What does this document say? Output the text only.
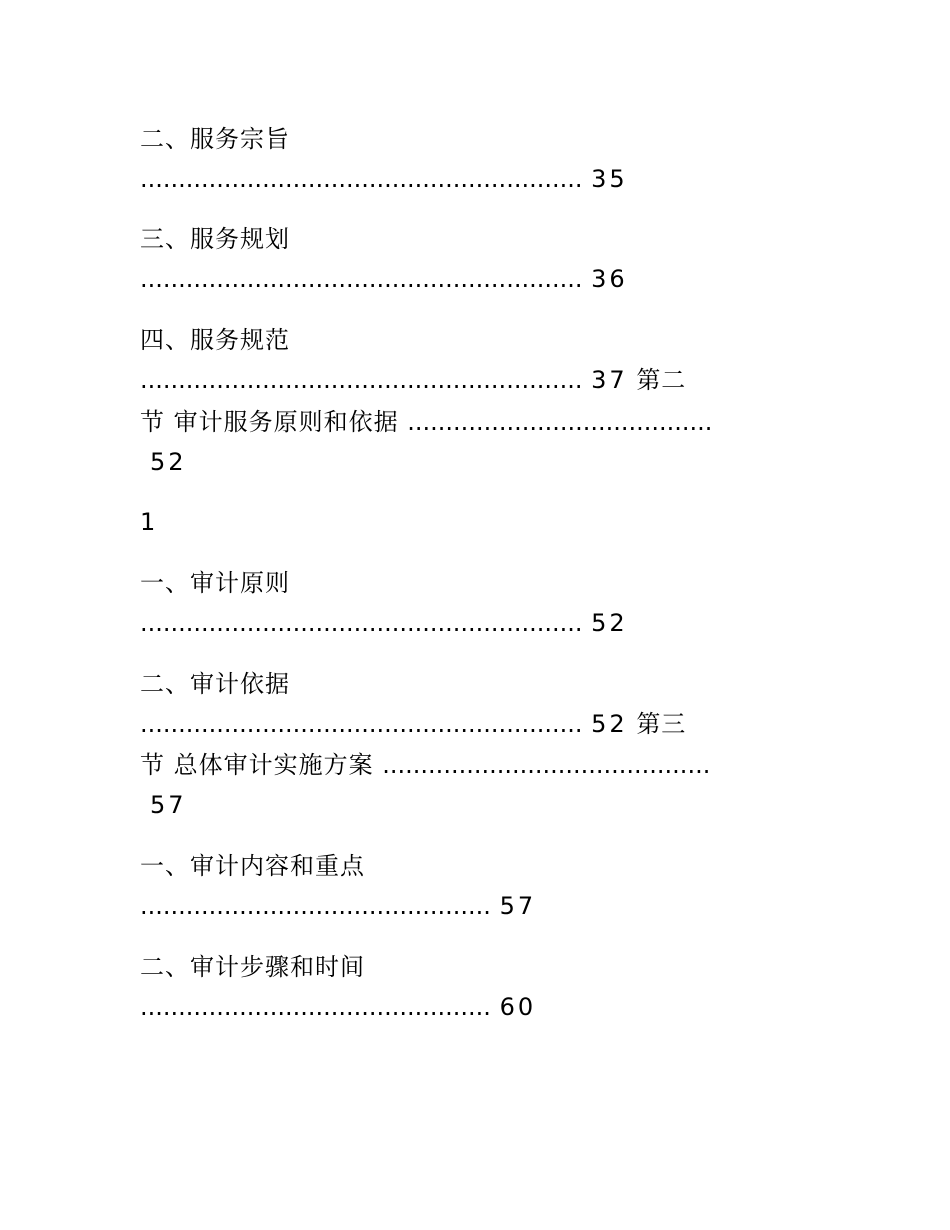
二、服务宗旨
.......................................................... 35
三、服务规划
.......................................................... 36
四、服务规范
.......................................................... 37 第二
节 审计服务原则和依据 ........................................
52
1
一、审计原则
.......................................................... 52
二、审计依据
.......................................................... 52 第三
节 总体审计实施方案 ...........................................
57
一、审计内容和重点
.............................................. 57
二、审计步骤和时间
.............................................. 60
